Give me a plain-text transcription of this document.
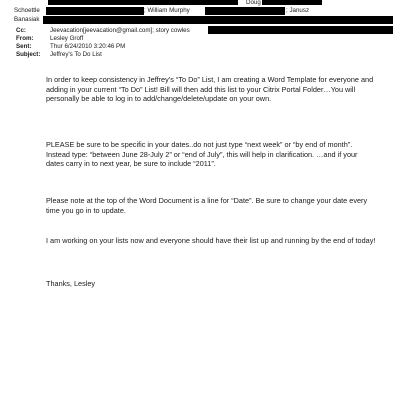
Doug
Schoettle	; William Murphy	; Janusz
Banasiak
Cc:	Jeevacation[jeevacation@gmail.com]; story cowles
From:	Lesley Groff
Sent:	Thur 6/24/2010 3:20:46 PM
Subject: Jeffrey's To Do List
In order to keep consistency in Jeffrey’s “To Do” List, I am creating a Word Template for everyone and adding in your current “To Do” List! Bill will then add this list to your Citrix Portal Folder…You will personally be able to log in to add/change/delete/update on your own.
PLEASE be sure to be specific in your dates..do not just type “next week” or “by end of month”. Instead type: “between June 28-July 2” or “end of July”, this will help in clarification. …and if your dates carry in to next year, be sure to include “2011”.
Please note at the top of the Word Document is a line for “Date”. Be sure to change your date every time you go in to update.
I am working on your lists now and everyone should have their list up and running by the end of today!
Thanks, Lesley
